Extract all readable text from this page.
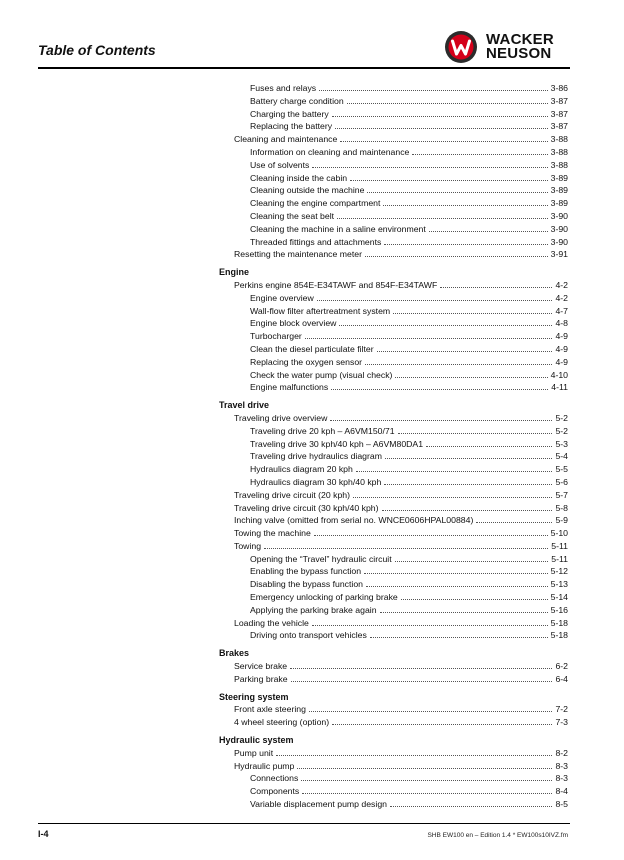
Table of Contents
WACKER
NEUSON
Fuses and relays	3-86
Battery charge condition	3-87
Charging the battery	3-87
Replacing the battery	3-87
Cleaning and maintenance	3-88
Information on cleaning and maintenance	3-88
Use of solvents	3-88
Cleaning inside the cabin	3-89
Cleaning outside the machine	3-89
Cleaning the engine compartment	3-89
Cleaning the seat belt	3-90
Cleaning the machine in a saline environment	3-90
Threaded fittings and attachments	3-90
Resetting the maintenance meter	3-91
Engine
Perkins engine 854E-E34TAWF and 854F-E34TAWF	4-2
Engine overview	4-2
Wall-flow filter aftertreatment system	4-7
Engine block overview	4-8
Turbocharger	4-9
Clean the diesel particulate filter	4-9
Replacing the oxygen sensor	4-9
Check the water pump (visual check)	4-10
Engine malfunctions	4-11
Travel drive
Traveling drive overview	5-2
Traveling drive 20 kph – A6VM150/71	5-2
Traveling drive 30 kph/40 kph – A6VM80DA1	5-3
Traveling drive hydraulics diagram	5-4
Hydraulics diagram 20 kph	5-5
Hydraulics diagram 30 kph/40 kph	5-6
Traveling drive circuit (20 kph)	5-7
Traveling drive circuit (30 kph/40 kph)	5-8
Inching valve (omitted from serial no. WNCE0606HPAL00884)	5-9
Towing the machine	5-10
Towing	5-11
Opening the “Travel” hydraulic circuit	5-11
Enabling the bypass function	5-12
Disabling the bypass function	5-13
Emergency unlocking of parking brake	5-14
Applying the parking brake again	5-16
Loading the vehicle	5-18
Driving onto transport vehicles	5-18
Brakes
Service brake	6-2
Parking brake	6-4
Steering system
Front axle steering	7-2
4 wheel steering (option)	7-3
Hydraulic system
Pump unit	8-2
Hydraulic pump	8-3
Connections	8-3
Components	8-4
Variable displacement pump design	8-5
I-4	SHB EW100 en – Edition 1.4 * EW100s10IVZ.fm
